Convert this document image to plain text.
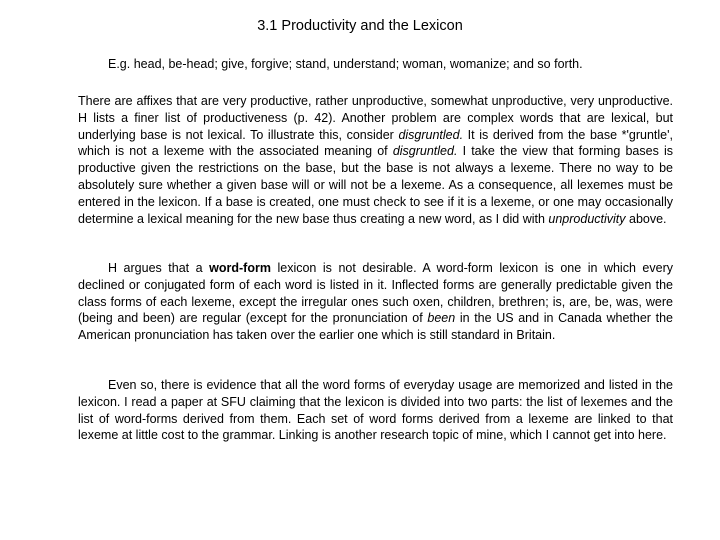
3.1 Productivity and the Lexicon
E.g. head, be-head; give, forgive; stand, understand; woman, womanize; and so forth.
There are affixes that are very productive, rather unproductive, somewhat unproductive, very unproductive. H lists a finer list of productiveness (p. 42). Another problem are complex words that are lexical, but underlying base is not lexical. To illustrate this, consider disgruntled. It is derived from the base *'gruntle', which is not a lexeme with the associated meaning of disgruntled. I take the view that forming bases is productive given the restrictions on the base, but the base is not always a lexeme. There no way to be absolutely sure whether a given base will or will not be a lexeme. As a consequence, all lexemes must be entered in the lexicon. If a base is created, one must check to see if it is a lexeme, or one may occasionally determine a lexical meaning for the new base thus creating a new word, as I did with unproductivity above.
H argues that a word-form lexicon is not desirable. A word-form lexicon is one in which every declined or conjugated form of each word is listed in it. Inflected forms are generally predictable given the class forms of each lexeme, except the irregular ones such oxen, children, brethren; is, are, be, was, were (being and been) are regular (except for the pronunciation of been in the US and in Canada whether the American pronunciation has taken over the earlier one which is still standard in Britain.
Even so, there is evidence that all the word forms of everyday usage are memorized and listed in the lexicon. I read a paper at SFU claiming that the lexicon is divided into two parts: the list of lexemes and the list of word-forms derived from them. Each set of word forms derived from a lexeme are linked to that lexeme at little cost to the grammar. Linking is another research topic of mine, which I cannot get into here.
